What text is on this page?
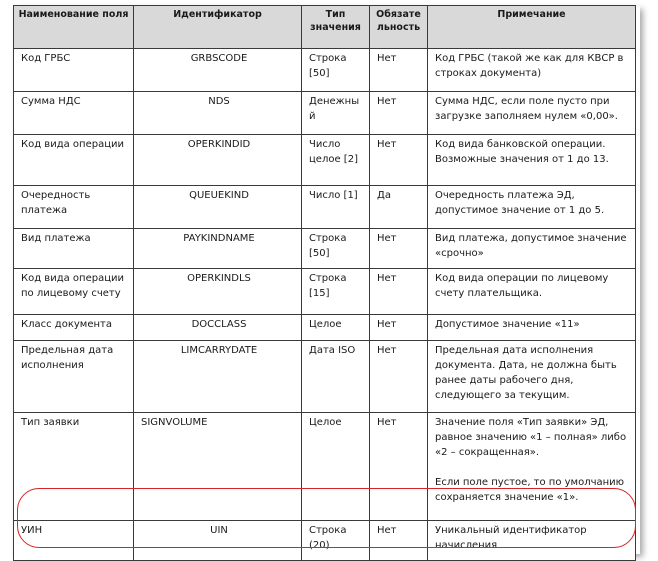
Наименование поля	Идентификатор	Тип значения	Обязате льность	Примечание
Код ГРБС	GRBSCODE	Строка [50]	Нет	Код ГРБС (такой же как для КВСР в строках документа)

Сумма НДС	NDS	Денежный	Нет	Сумма НДС, если поле пусто при загрузке заполняем нулем «0,00».

Код вида операции	OPERKINDID	Число целое [2]	Нет	Код вида банковской операции. Возможные значения от 1 до 13.

Очередность платежа	QUEUEKIND	Число [1]	Да	Очередность платежа ЭД, допустимое значение от 1 до 5.

Вид платежа	PAYKINDNAME	Строка [50]	Нет	Вид платежа, допустимое значение «срочно»

Код вида операции по лицевому счету	OPERKINDLS	Строка [15]	Нет	Код вида операции по лицевому счету плательщика.

Класс документа	DOCCLASS	Целое	Нет	Допустимое значение «11»

Предельная дата исполнения	LIMCARRYDATE	Дата ISO	Нет	Предельная дата исполнения документа. Дата, не должна быть ранее даты рабочего дня, следующего за текущим.

Тип заявки	SIGNVOLUME	Целое	Нет	Значение поля «Тип заявки» ЭД, равное значению «1 – полная» либо «2 – сокращенная».
Если поле пустое, то по умолчанию сохраняется значение «1».

УИН	UIN	Строка (20)	Нет	Уникальный идентификатор начисления
